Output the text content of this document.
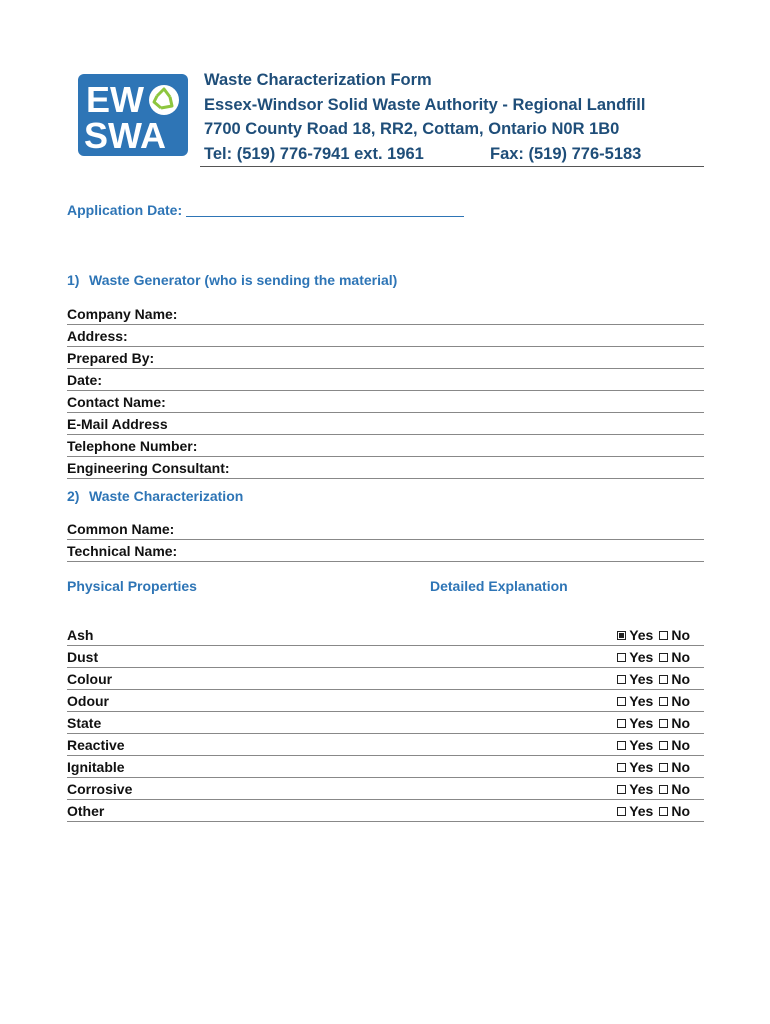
EW
SWA
Waste Characterization Form
Essex-Windsor Solid Waste Authority - Regional Landfill
7700 County Road 18, RR2, Cottam, Ontario N0R 1B0
Tel: (519) 776-7941 ext. 1961	Fax: (519) 776-5183
Application Date:
1) Waste Generator (who is sending the material)
Company Name:
Address:
Prepared By:
Date:
Contact Name:
E-Mail Address
Telephone Number:
Engineering Consultant:
2) Waste Characterization
Common Name:
Technical Name:
Physical Properties	Detailed Explanation
Ash	Yes No
Dust	Yes No
Colour	Yes No
Odour	Yes No
State	Yes No
Reactive	Yes No
Ignitable	Yes No
Corrosive	Yes No
Other	Yes No
